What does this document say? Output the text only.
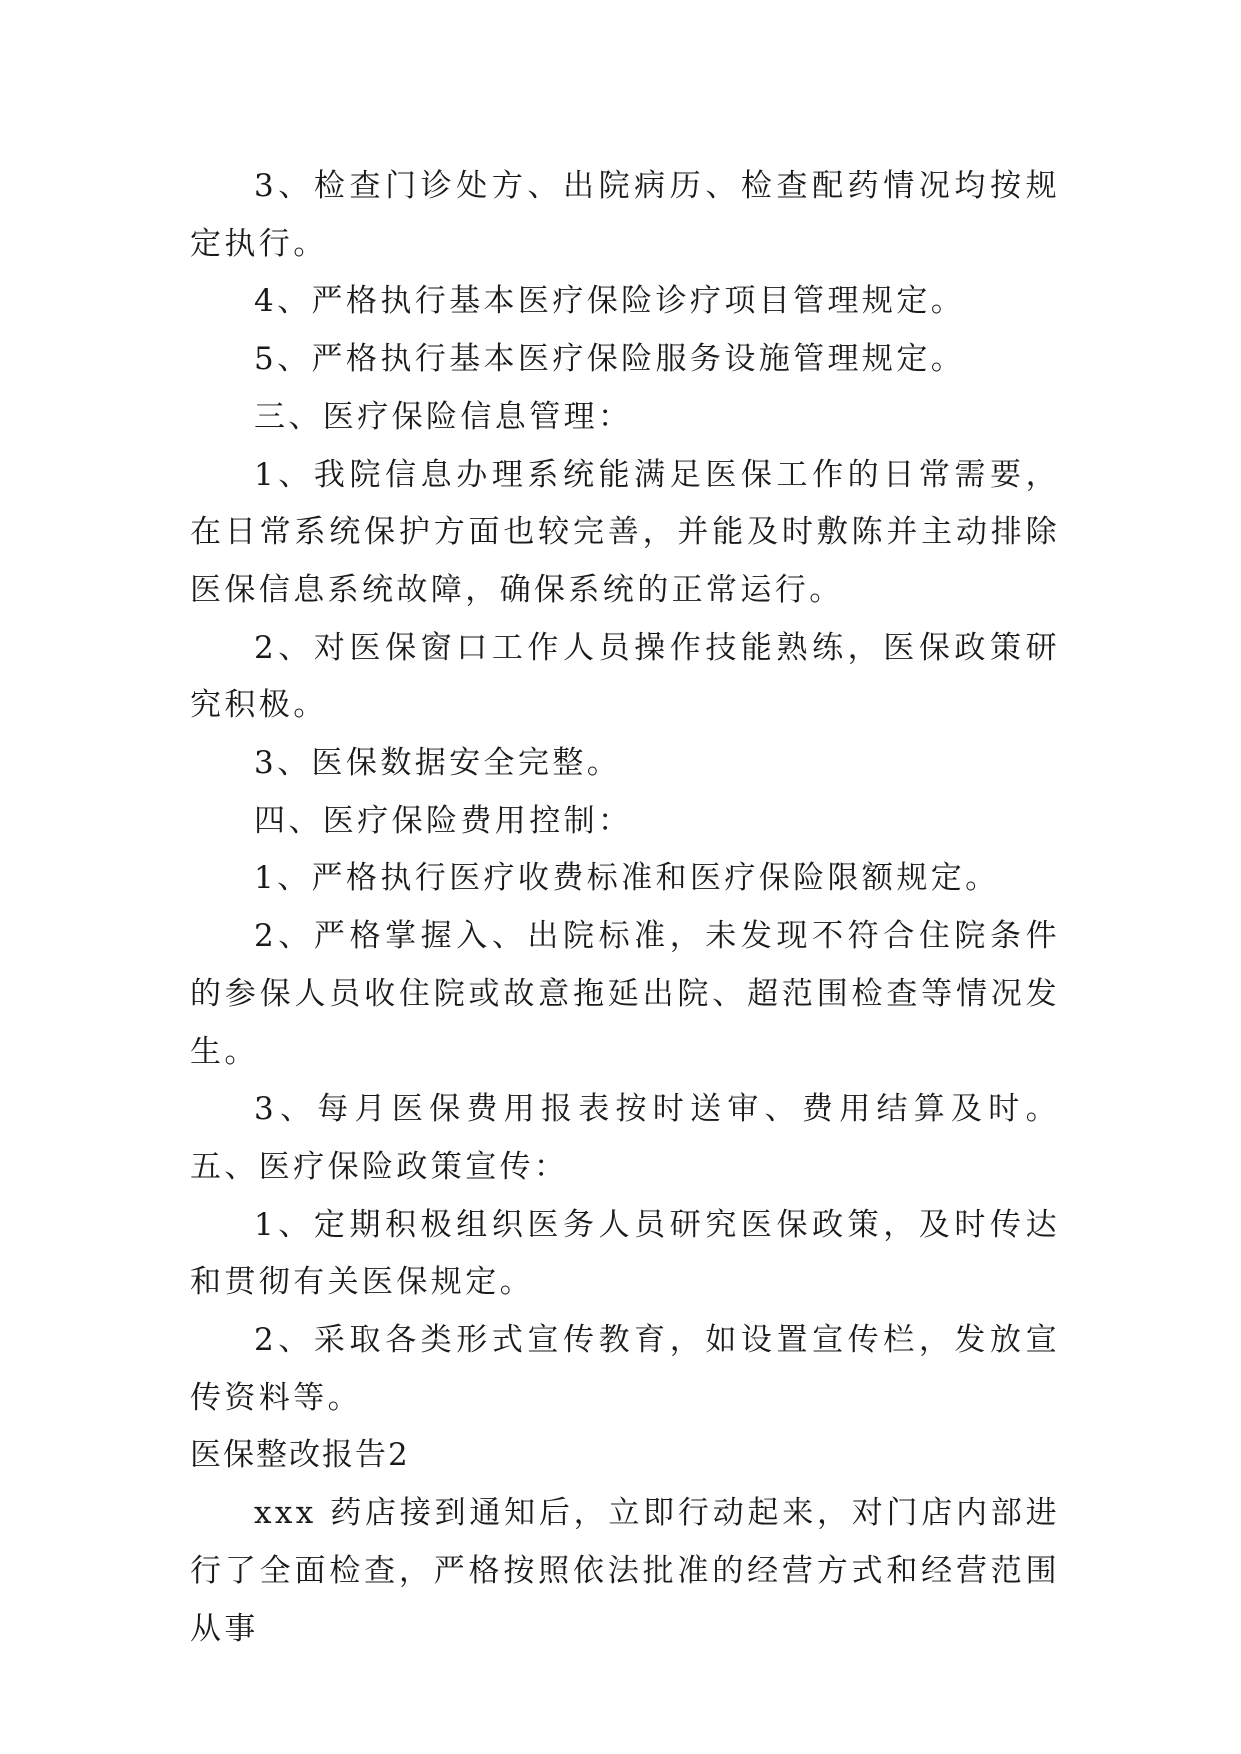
3、检查门诊处方、出院病历、检查配药情况均按规定执行。

4、严格执行基本医疗保险诊疗项目管理规定。

5、严格执行基本医疗保险服务设施管理规定。

三、医疗保险信息管理：

1、我院信息办理系统能满足医保工作的日常需要，在日常系统保护方面也较完善，并能及时敷陈并主动排除医保信息系统故障，确保系统的正常运行。

2、对医保窗口工作人员操作技能熟练，医保政策研究积极。

3、医保数据安全完整。

四、医疗保险费用控制：

1、严格执行医疗收费标准和医疗保险限额规定。

2、严格掌握入、出院标准，未发现不符合住院条件的参保人员收住院或故意拖延出院、超范围检查等情况发生。

3、每月医保费用报表按时送审、费用结算及时。 五、医疗保险政策宣传：

1、定期积极组织医务人员研究医保政策，及时传达和贯彻有关医保规定。

2、采取各类形式宣传教育，如设置宣传栏，发放宣传资料等。

医保整改报告2

xxx 药店接到通知后，立即行动起来，对门店内部进行了全面检查，严格按照依法批准的经营方式和经营范围从事
